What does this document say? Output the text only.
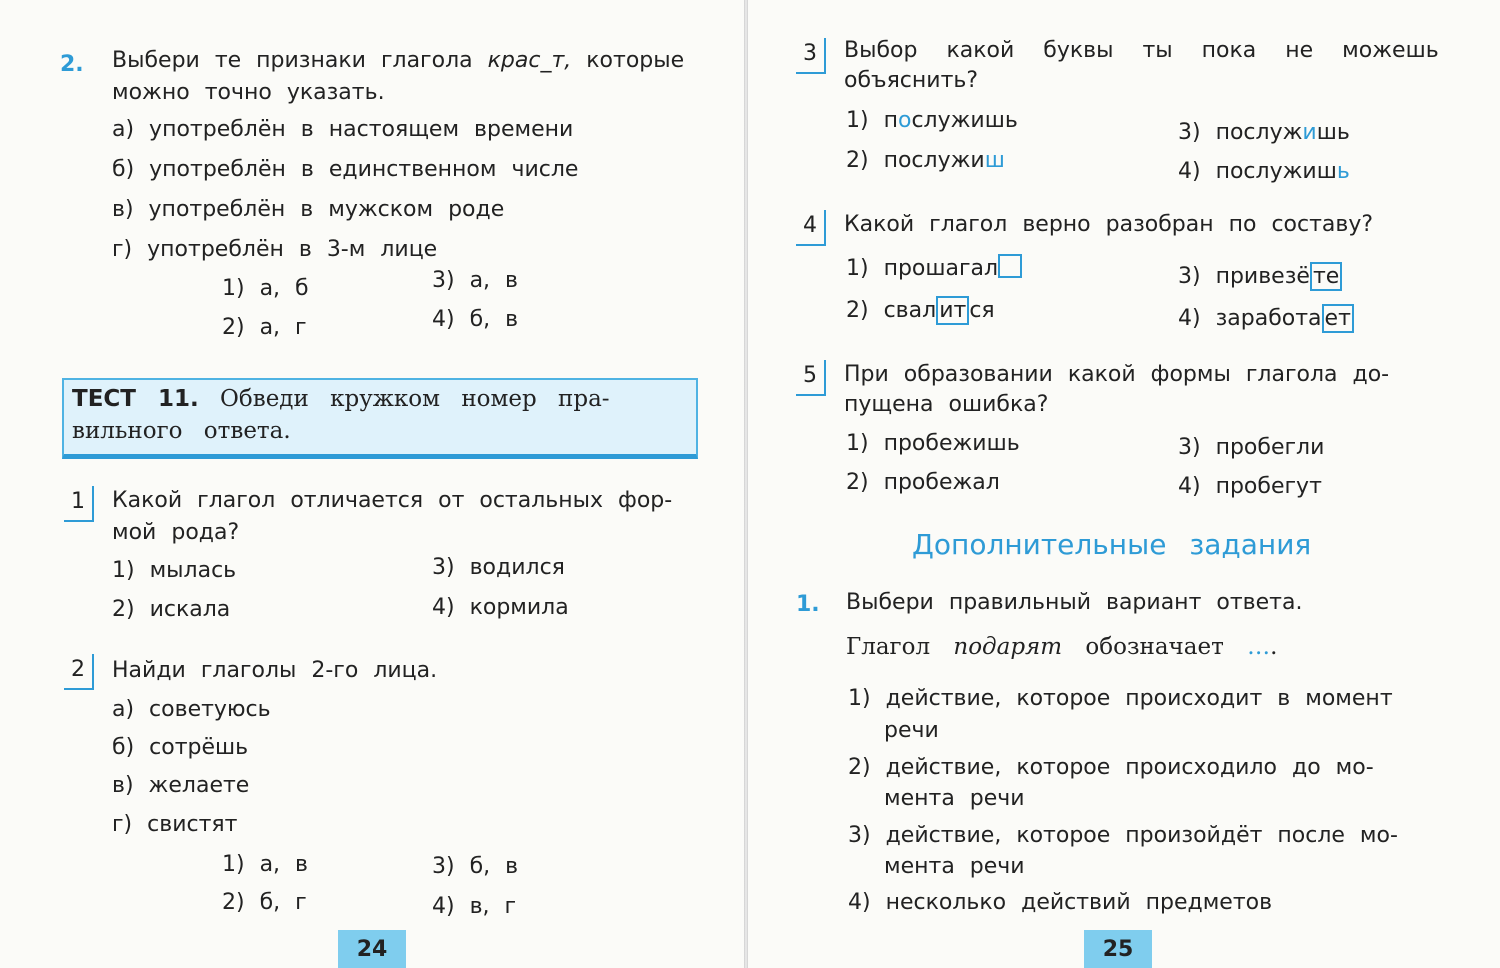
2. Выбери те признаки глагола крас_т, которые
можно точно указать.
а) употреблён в настоящем времени
б) употреблён в единственном числе
в) употреблён в мужском роде
г) употреблён в 3-м лице
1) а, б
2) а, г
3) а, в
4) б, в
ТЕСТ 11. Обведи кружком номер пра-
вильного ответа.
1	Какой глагол отличается от остальных фор-
мой рода?
1) мылась
2) искала
3) водился
4) кормила
2	Найди глаголы 2-го лица.
а) советуюсь
б) сотрёшь
в) желаете
г) свистят
1) а, в
2) б, г
3) б, в
4) в, г
24
3	Выбор какой буквы ты пока не можешь
объяснить?
1) послужишь
2) послужиш
3) послужишь
4) послужишь
4	Какой глагол верно разобран по составу?
1) прошагал
2) свал ит ся
3) привезё те
4) заработа ет
5	При образовании какой формы глагола до-
пущена ошибка?
1) пробежишь
2) пробежал
3) пробегли
4) пробегут
Дополнительные задания
1. Выбери правильный вариант ответа.
Глагол подарят обозначает ….
1) действие, которое происходит в момент
речи
2) действие, которое происходило до мо-
мента речи
3) действие, которое произойдёт после мо-
мента речи
4) несколько действий предметов
25
